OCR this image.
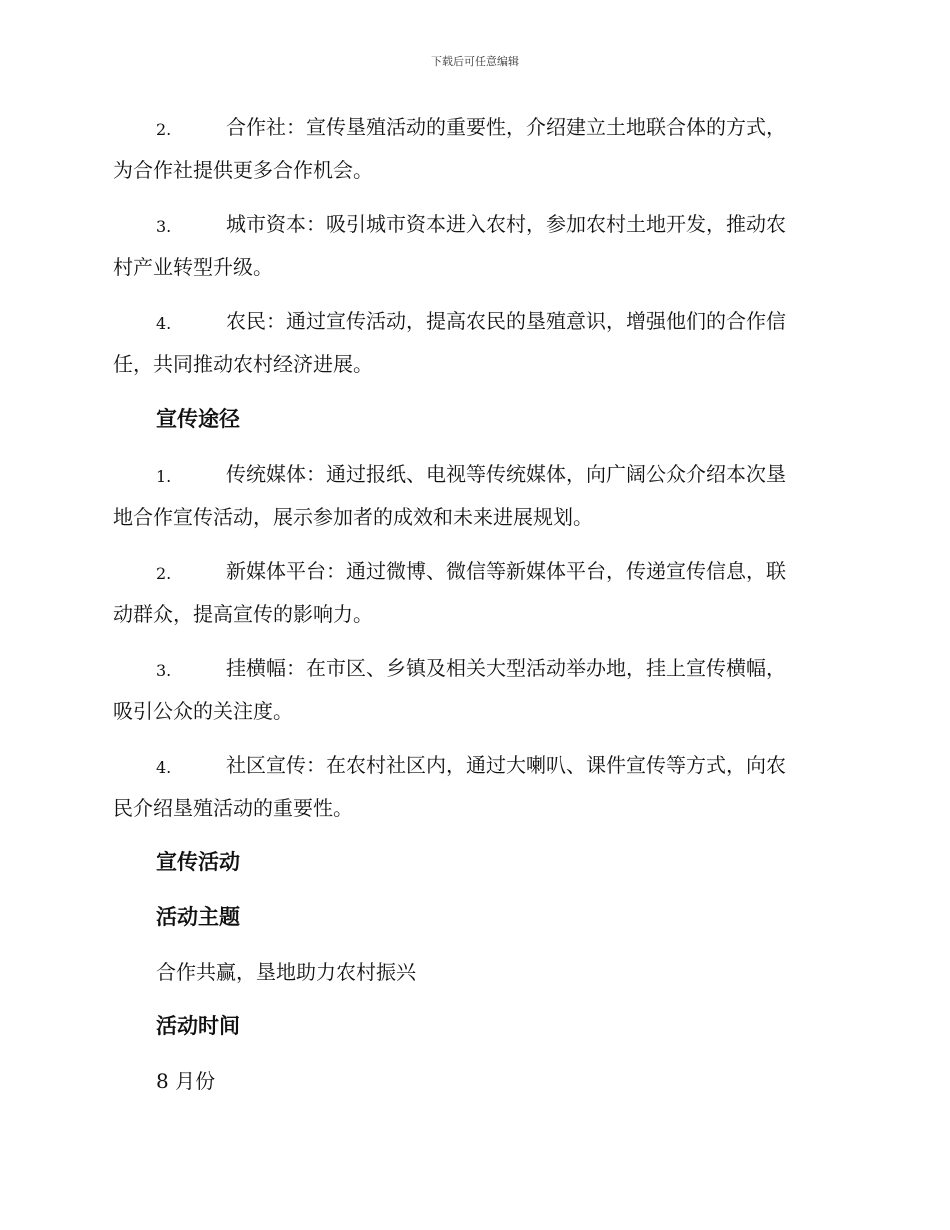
下载后可任意编辑

2.	合作社：宣传垦殖活动的重要性，介绍建立土地联合体的方式，
为合作社提供更多合作机会。

3.	城市资本：吸引城市资本进入农村，参加农村土地开发，推动农
村产业转型升级。

4.	农民：通过宣传活动，提高农民的垦殖意识，增强他们的合作信
任，共同推动农村经济进展。

宣传途径

1.	传统媒体：通过报纸、电视等传统媒体，向广阔公众介绍本次垦
地合作宣传活动，展示参加者的成效和未来进展规划。

2.	新媒体平台：通过微博、微信等新媒体平台，传递宣传信息，联
动群众，提高宣传的影响力。

3.	挂横幅：在市区、乡镇及相关大型活动举办地，挂上宣传横幅，
吸引公众的关注度。

4.	社区宣传：在农村社区内，通过大喇叭、课件宣传等方式，向农
民介绍垦殖活动的重要性。

宣传活动

活动主题

合作共赢，垦地助力农村振兴

活动时间

8 月份
